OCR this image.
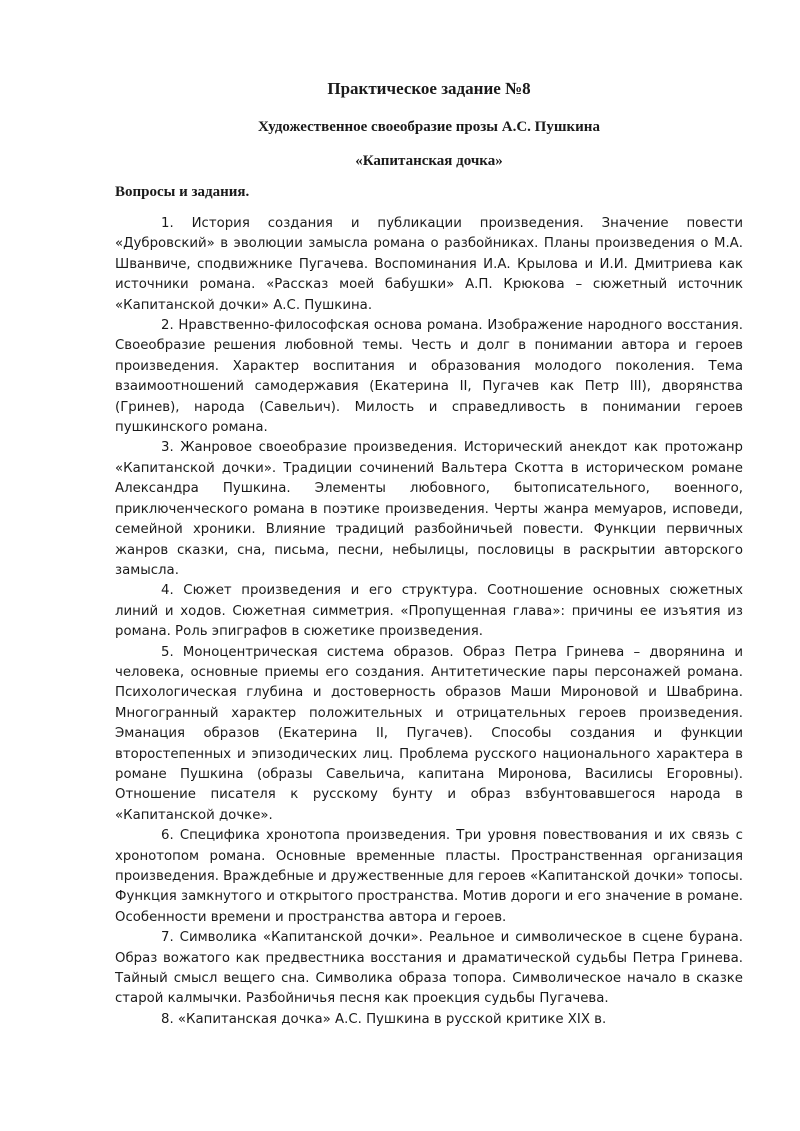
Практическое задание №8
Художественное своеобразие прозы А.С. Пушкина
«Капитанская дочка»
Вопросы и задания.

1. История создания и публикации произведения. Значение повести «Дубровский» в эволюции замысла романа о разбойниках. Планы произведения о М.А. Шванвиче, сподвижнике Пугачева. Воспоминания И.А. Крылова и И.И. Дмитриева как источники романа. «Рассказ моей бабушки» А.П. Крюкова – сюжетный источник «Капитанской дочки» А.С. Пушкина.

2. Нравственно-философская основа романа. Изображение народного восстания. Своеобразие решения любовной темы. Честь и долг в понимании автора и героев произведения. Характер воспитания и образования молодого поколения. Тема взаимоотношений самодержавия (Екатерина II, Пугачев как Петр III), дворянства (Гринев), народа (Савельич). Милость и справедливость в понимании героев пушкинского романа.

3. Жанровое своеобразие произведения. Исторический анекдот как протожанр «Капитанской дочки». Традиции сочинений Вальтера Скотта в историческом романе Александра Пушкина. Элементы любовного, бытописательного, военного, приключенческого романа в поэтике произведения. Черты жанра мемуаров, исповеди, семейной хроники. Влияние традиций разбойничьей повести. Функции первичных жанров сказки, сна, письма, песни, небылицы, пословицы в раскрытии авторского замысла.

4. Сюжет произведения и его структура. Соотношение основных сюжетных линий и ходов. Сюжетная симметрия. «Пропущенная глава»: причины ее изъятия из романа. Роль эпиграфов в сюжетике произведения.

5. Моноцентрическая система образов. Образ Петра Гринева – дворянина и человека, основные приемы его создания. Антитетические пары персонажей романа. Психологическая глубина и достоверность образов Маши Мироновой и Швабрина. Многогранный характер положительных и отрицательных героев произведения. Эманация образов (Екатерина II, Пугачев). Способы создания и функции второстепенных и эпизодических лиц. Проблема русского национального характера в романе Пушкина (образы Савельича, капитана Миронова, Василисы Егоровны). Отношение писателя к русскому бунту и образ взбунтовавшегося народа в «Капитанской дочке».

6. Специфика хронотопа произведения. Три уровня повествования и их связь с хронотопом романа. Основные временные пласты. Пространственная организация произведения. Враждебные и дружественные для героев «Капитанской дочки» топосы. Функция замкнутого и открытого пространства. Мотив дороги и его значение в романе. Особенности времени и пространства автора и героев.

7. Символика «Капитанской дочки». Реальное и символическое в сцене бурана. Образ вожатого как предвестника восстания и драматической судьбы Петра Гринева. Тайный смысл вещего сна. Символика образа топора. Символическое начало в сказке старой калмычки. Разбойничья песня как проекция судьбы Пугачева.

8. «Капитанская дочка» А.С. Пушкина в русской критике XIX в.
